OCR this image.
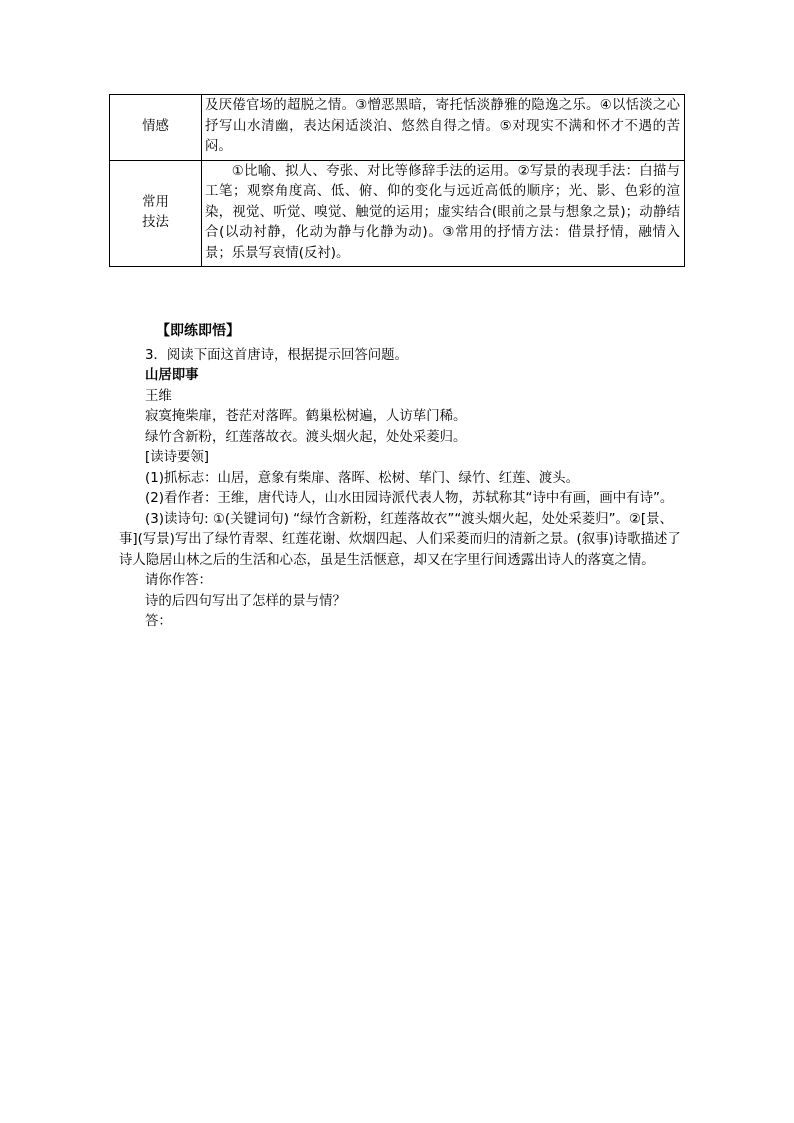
情感	及厌倦官场的超脱之情。③憎恶黑暗，寄托恬淡静雅的隐逸之乐。④以恬淡之心抒写山水清幽，表达闲适淡泊、悠然自得之情。⑤对现实不满和怀才不遇的苦闷。

常用
技法	①比喻、拟人、夸张、对比等修辞手法的运用。②写景的表现手法：白描与工笔；观察角度高、低、俯、仰的变化与远近高低的顺序；光、影、色彩的渲染，视觉、听觉、嗅觉、触觉的运用；虚实结合(眼前之景与想象之景)；动静结合(以动衬静，化动为静与化静为动)。③常用的抒情方法：借景抒情，融情入景；乐景写哀情(反衬)。

【即练即悟】

3．阅读下面这首唐诗，根据提示回答问题。

山居即事

王维

寂寞掩柴扉，苍茫对落晖。鹤巢松树遍，人访荜门稀。

绿竹含新粉，红莲落故衣。渡头烟火起，处处采菱归。

[读诗要领]

(1)抓标志：山居，意象有柴扉、落晖、松树、荜门、绿竹、红莲、渡头。

(2)看作者：王维，唐代诗人，山水田园诗派代表人物，苏轼称其“诗中有画，画中有诗”。

(3)读诗句: ①(关键词句) “绿竹含新粉，红莲落故衣”“渡头烟火起，处处采菱归”。②[景、事](写景)写出了绿竹青翠、红莲花谢、炊烟四起、人们采菱而归的清新之景。(叙事)诗歌描述了诗人隐居山林之后的生活和心态，虽是生活惬意，却又在字里行间透露出诗人的落寞之情。

请你作答：

诗的后四句写出了怎样的景与情？

答：
